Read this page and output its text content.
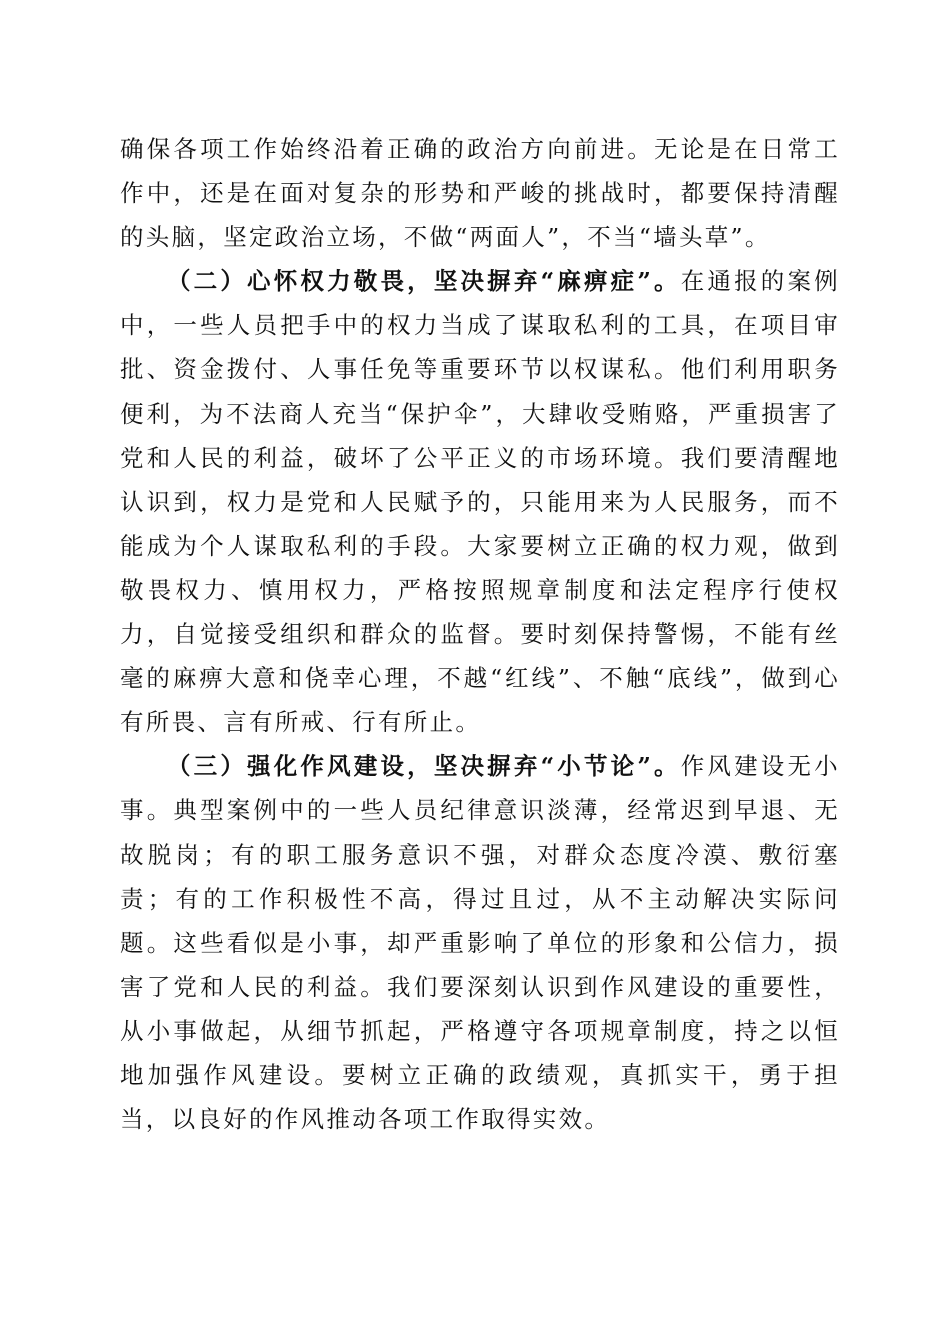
确保各项工作始终沿着正确的政治方向前进。无论是在日常工作中，还是在面对复杂的形势和严峻的挑战时，都要保持清醒的头脑，坚定政治立场，不做“两面人”，不当“墙头草”。

（二）心怀权力敬畏，坚决摒弃“麻痹症”。在通报的案例中，一些人员把手中的权力当成了谋取私利的工具，在项目审批、资金拨付、人事任免等重要环节以权谋私。他们利用职务便利，为不法商人充当“保护伞”，大肆收受贿赂，严重损害了党和人民的利益，破坏了公平正义的市场环境。我们要清醒地认识到，权力是党和人民赋予的，只能用来为人民服务，而不能成为个人谋取私利的手段。大家要树立正确的权力观，做到敬畏权力、慎用权力，严格按照规章制度和法定程序行使权力，自觉接受组织和群众的监督。要时刻保持警惕，不能有丝毫的麻痹大意和侥幸心理，不越“红线”、不触“底线”，做到心有所畏、言有所戒、行有所止。

（三）强化作风建设，坚决摒弃“小节论”。作风建设无小事。典型案例中的一些人员纪律意识淡薄，经常迟到早退、无故脱岗；有的职工服务意识不强，对群众态度冷漠、敷衍塞责；有的工作积极性不高，得过且过，从不主动解决实际问题。这些看似是小事，却严重影响了单位的形象和公信力，损害了党和人民的利益。我们要深刻认识到作风建设的重要性，从小事做起，从细节抓起，严格遵守各项规章制度，持之以恒地加强作风建设。要树立正确的政绩观，真抓实干，勇于担当，以良好的作风推动各项工作取得实效。
